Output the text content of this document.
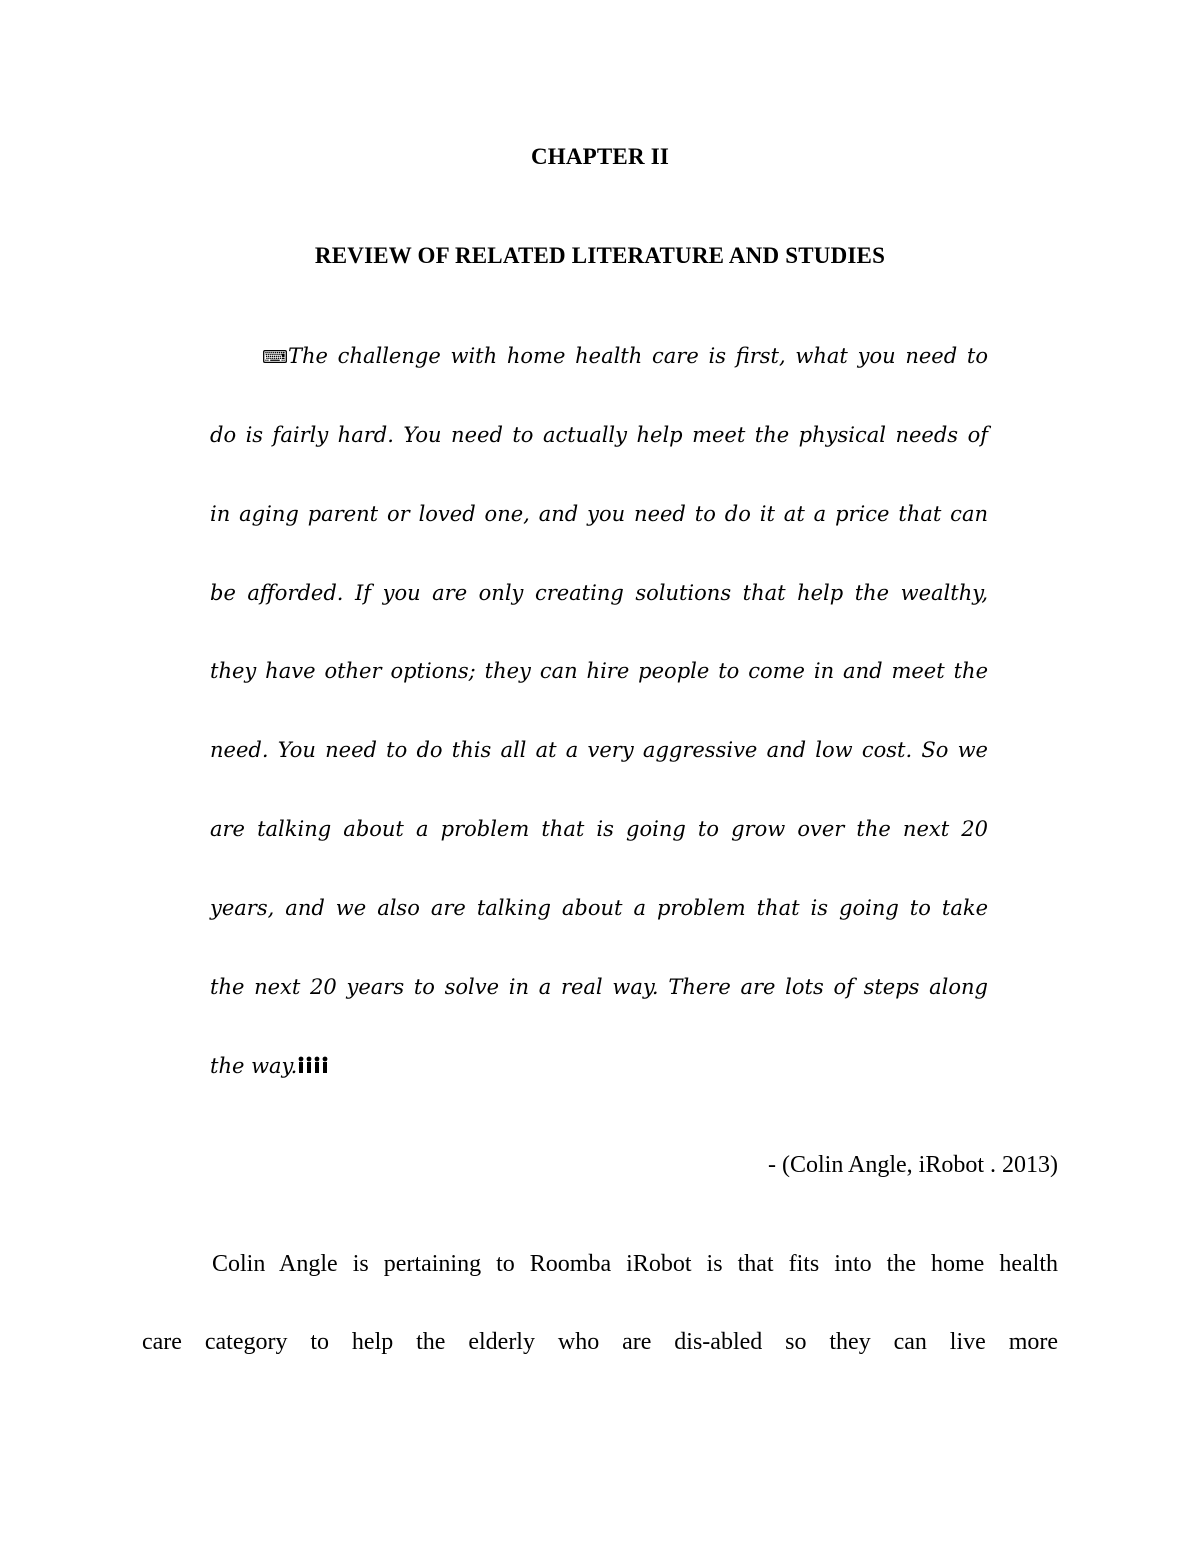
CHAPTER II
REVIEW OF RELATED LITERATURE AND STUDIES

⌨The challenge with home health care is first, what you need to

do is fairly hard. You need to actually help meet the physical needs of

in aging parent or loved one, and you need to do it at a price that can

be afforded. If you are only creating solutions that help the wealthy,

they have other options; they can hire people to come in and meet the

need. You need to do this all at a very aggressive and low cost. So we

are talking about a problem that is going to grow over the next 20

years, and we also are talking about a problem that is going to take

the next 20 years to solve in a real way. There are lots of steps along

the way.

- (Colin Angle, iRobot . 2013)

Colin Angle is pertaining to Roomba iRobot is that fits into the home health

care category to help the elderly who are dis-abled so they can live more
